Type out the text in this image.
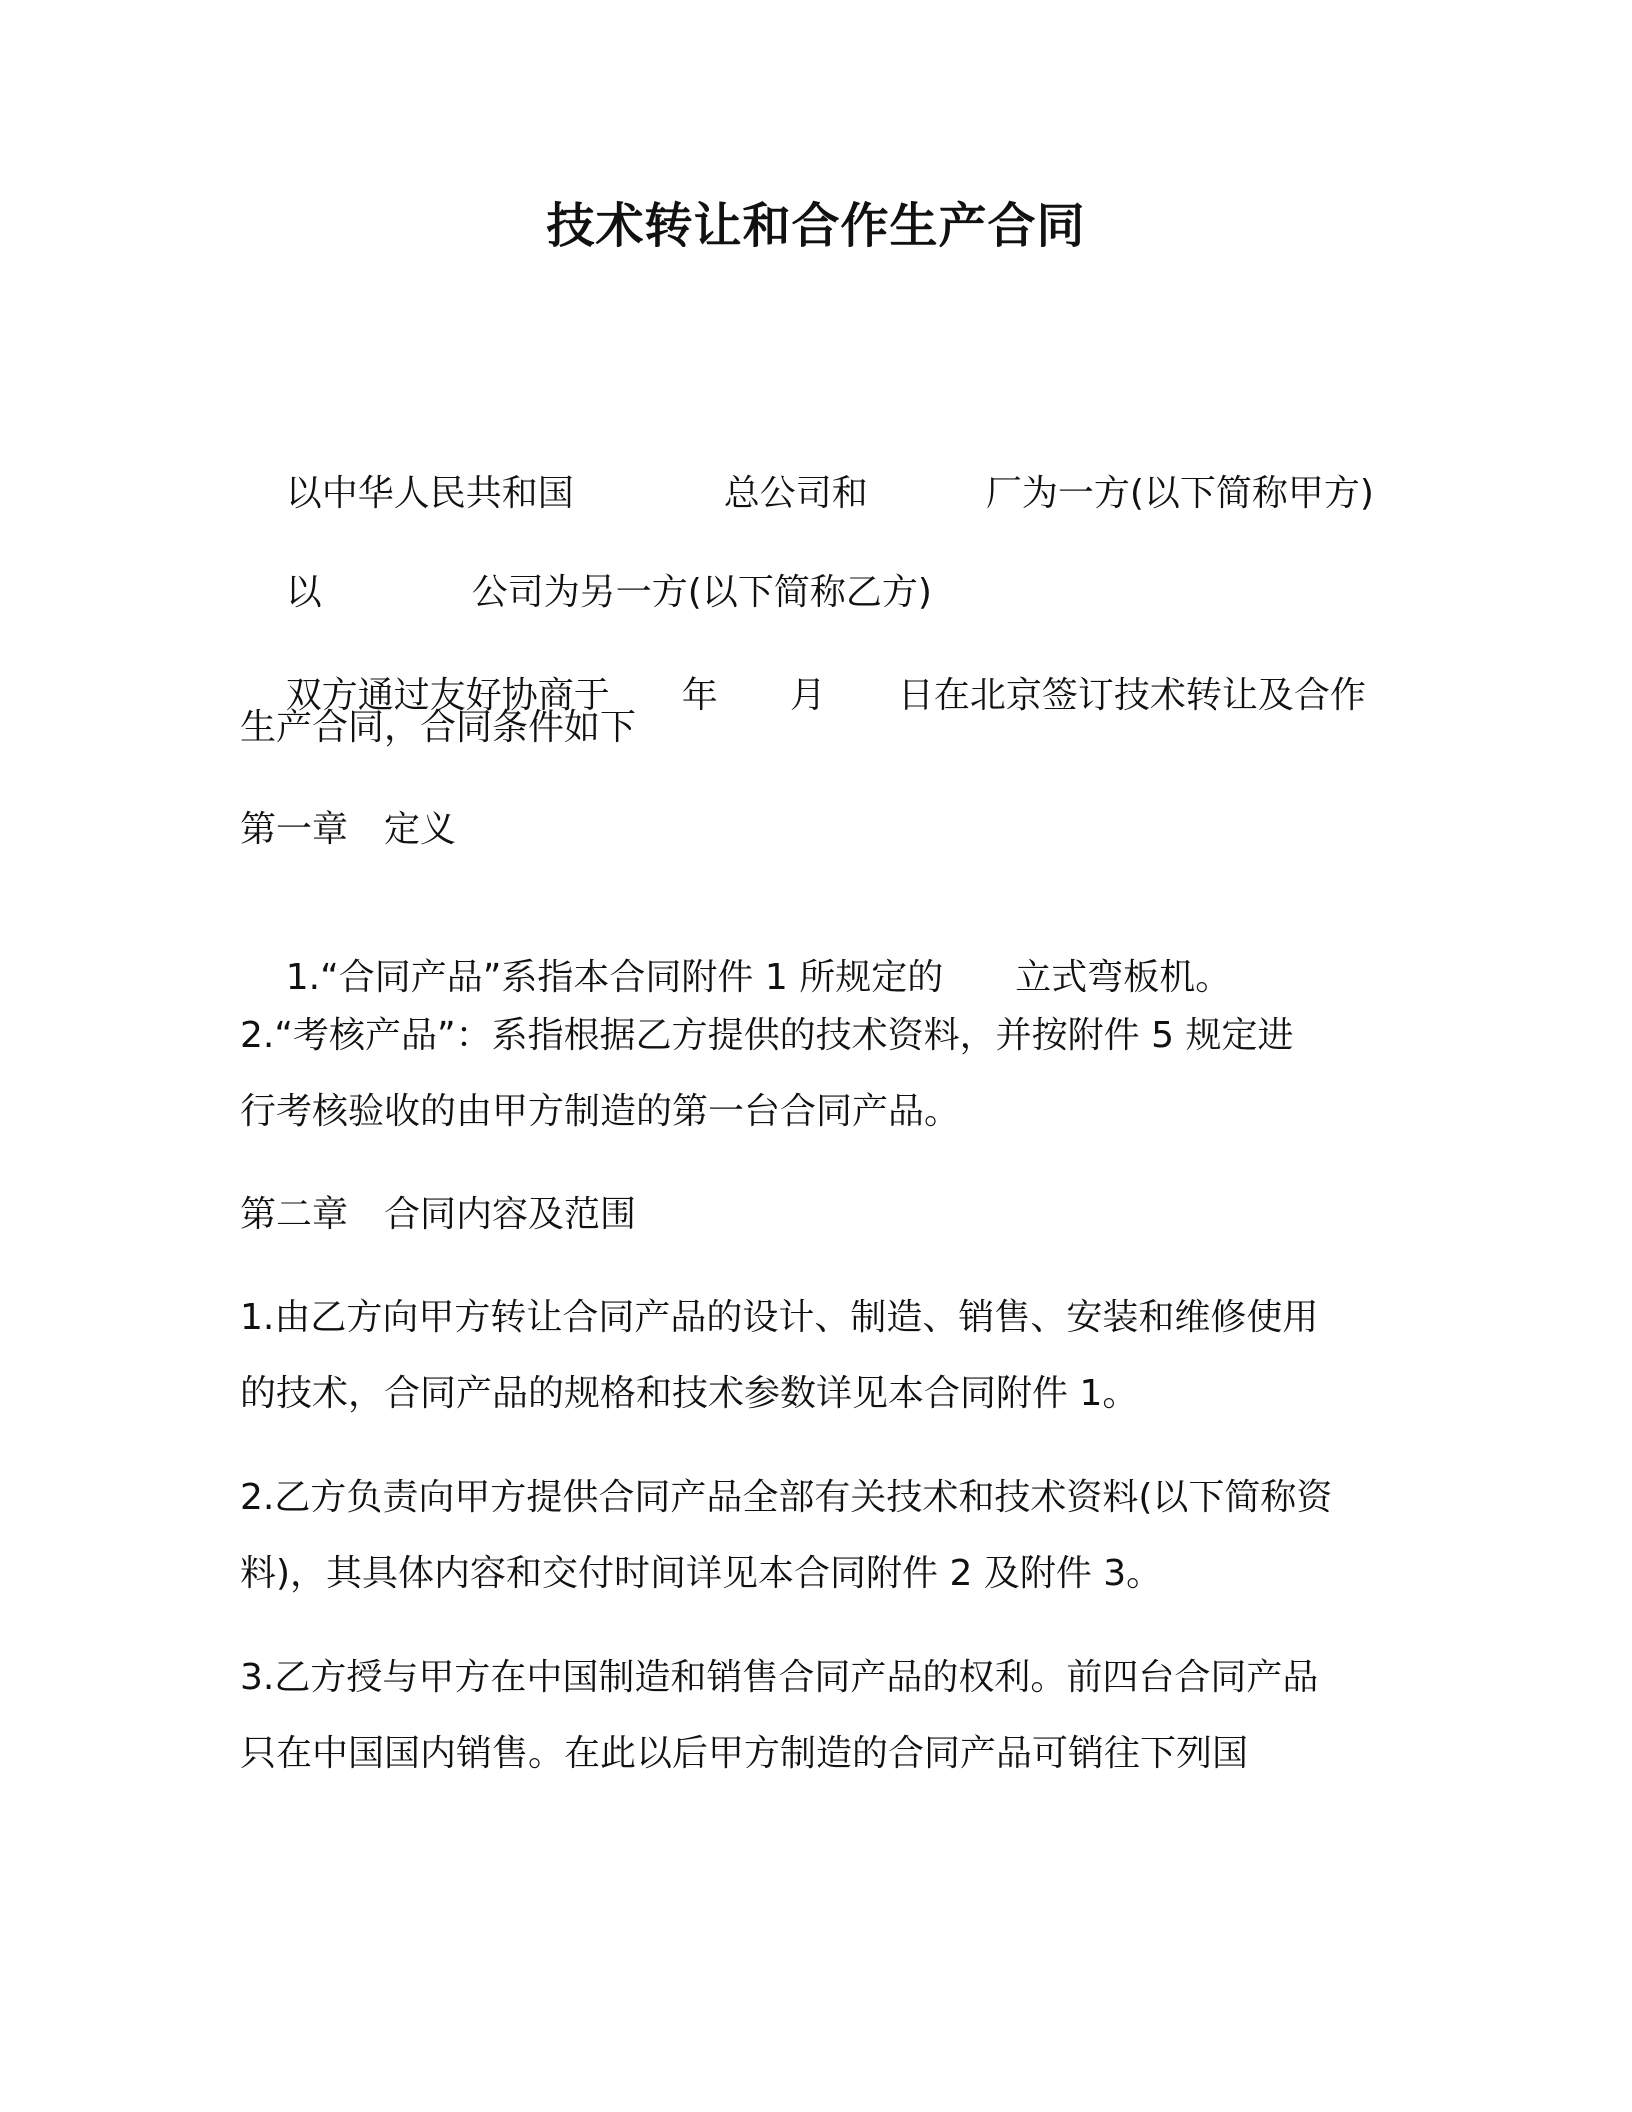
技术转让和合作生产合同

以中华人民共和国	总公司和	厂为一方(以下简称甲方)

以	公司为另一方(以下简称乙方)

双方通过友好协商于 年 月 日在北京签订技术转让及合作

生产合同，合同条件如下
第一章　定义

1.“合同产品”系指本合同附件 1 所规定的 立式弯板机。

2.“考核产品”：系指根据乙方提供的技术资料，并按附件 5 规定进
行考核验收的由甲方制造的第一台合同产品。
第二章　合同内容及范围
1.由乙方向甲方转让合同产品的设计、制造、销售、安装和维修使用
的技术，合同产品的规格和技术参数详见本合同附件 1。
2.乙方负责向甲方提供合同产品全部有关技术和技术资料(以下简称资
料)，其具体内容和交付时间详见本合同附件 2 及附件 3。
3.乙方授与甲方在中国制造和销售合同产品的权利。前四台合同产品
只在中国国内销售。在此以后甲方制造的合同产品可销往下列国
